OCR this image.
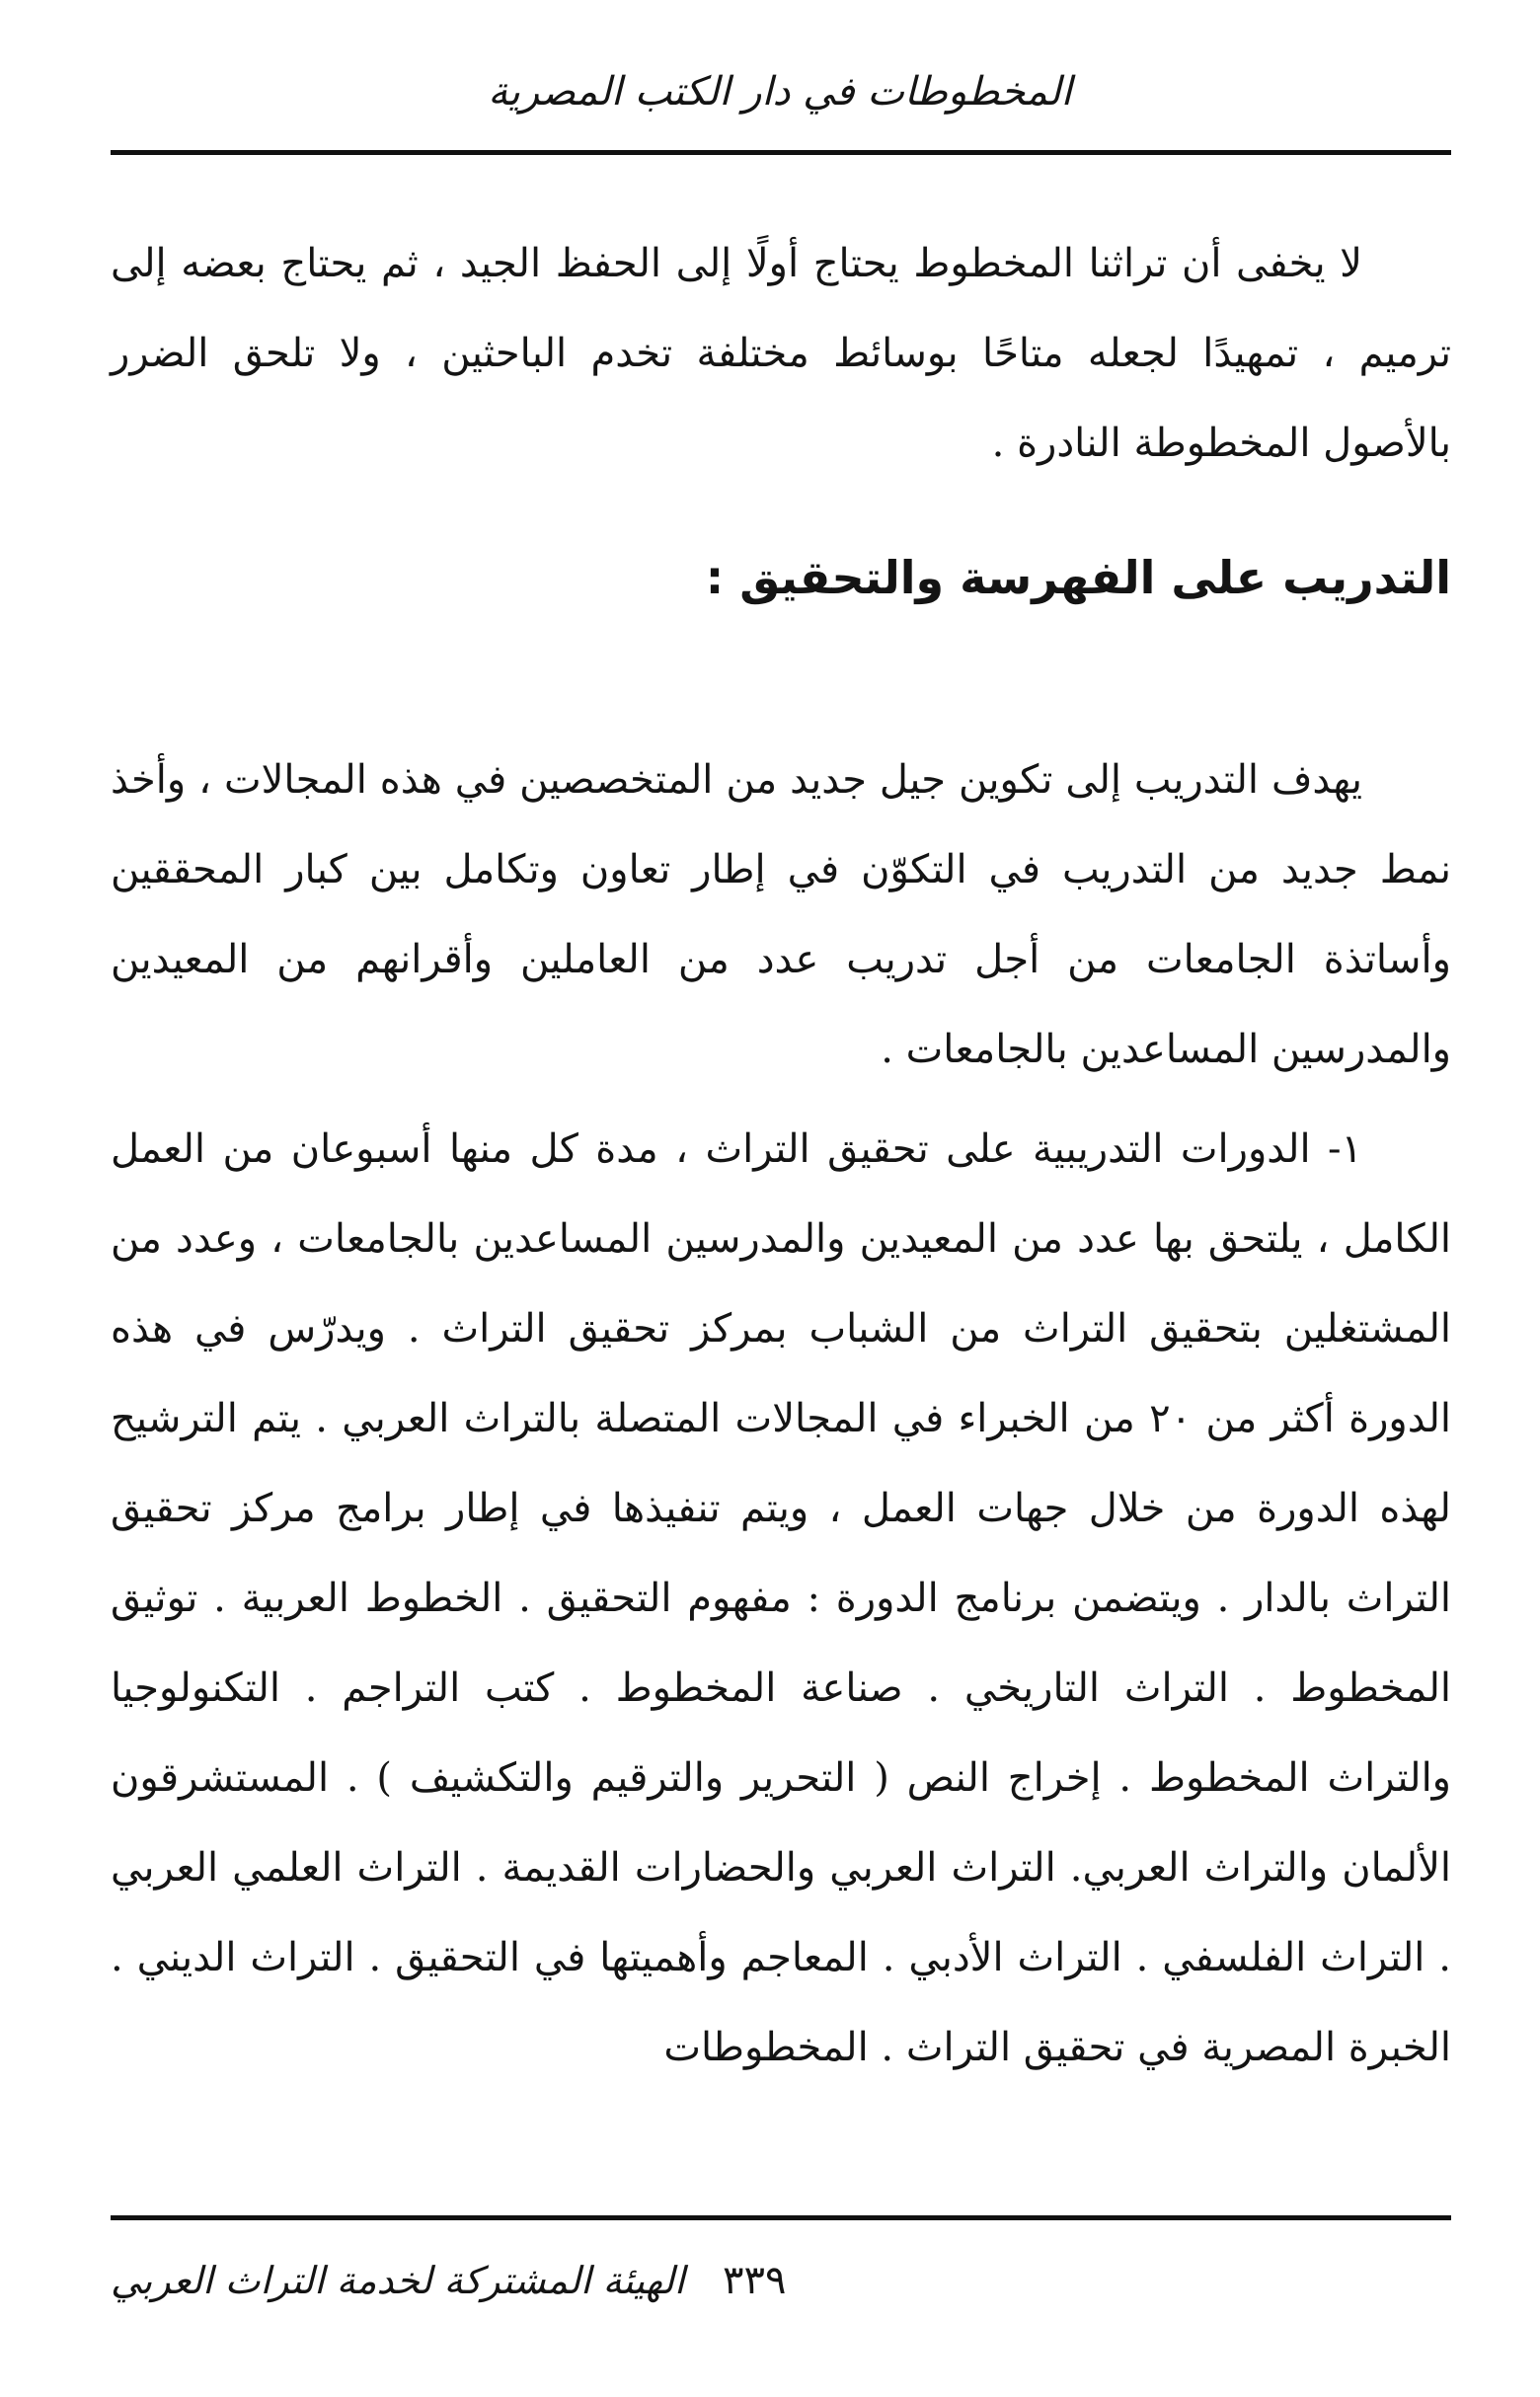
المخطوطات في دار الكتب المصرية

لا يخفى أن تراثنا المخطوط يحتاج أولًا إلى الحفظ الجيد ، ثم يحتاج بعضه إلى ترميم ، تمهيدًا لجعله متاحًا بوسائط مختلفة تخدم الباحثين ، ولا تلحق الضرر بالأصول المخطوطة النادرة .

التدريب على الفهرسة والتحقيق :

يهدف التدريب إلى تكوين جيل جديد من المتخصصين في هذه المجالات ، وأخذ نمط جديد من التدريب في التكوّن في إطار تعاون وتكامل بين كبار المحققين وأساتذة الجامعات من أجل تدريب عدد من العاملين وأقرانهم من المعيدين والمدرسين المساعدين بالجامعات .

١- الدورات التدريبية على تحقيق التراث ، مدة كل منها أسبوعان من العمل الكامل ، يلتحق بها عدد من المعيدين والمدرسين المساعدين بالجامعات ، وعدد من المشتغلين بتحقيق التراث من الشباب بمركز تحقيق التراث . ويدرّس في هذه الدورة أكثر من ٢٠ من الخبراء في المجالات المتصلة بالتراث العربي . يتم الترشيح لهذه الدورة من خلال جهات العمل ، ويتم تنفيذها في إطار برامج مركز تحقيق التراث بالدار . ويتضمن برنامج الدورة : مفهوم التحقيق . الخطوط العربية . توثيق المخطوط . التراث التاريخي . صناعة المخطوط . كتب التراجم . التكنولوجيا والتراث المخطوط . إخراج النص ( التحرير والترقيم والتكشيف ) . المستشرقون الألمان والتراث العربي. التراث العربي والحضارات القديمة . التراث العلمي العربي . التراث الفلسفي . التراث الأدبي . المعاجم وأهميتها في التحقيق . التراث الديني . الخبرة المصرية في تحقيق التراث . المخطوطات

الهيئة المشتركة لخدمة التراث العربي ٣٣٩
